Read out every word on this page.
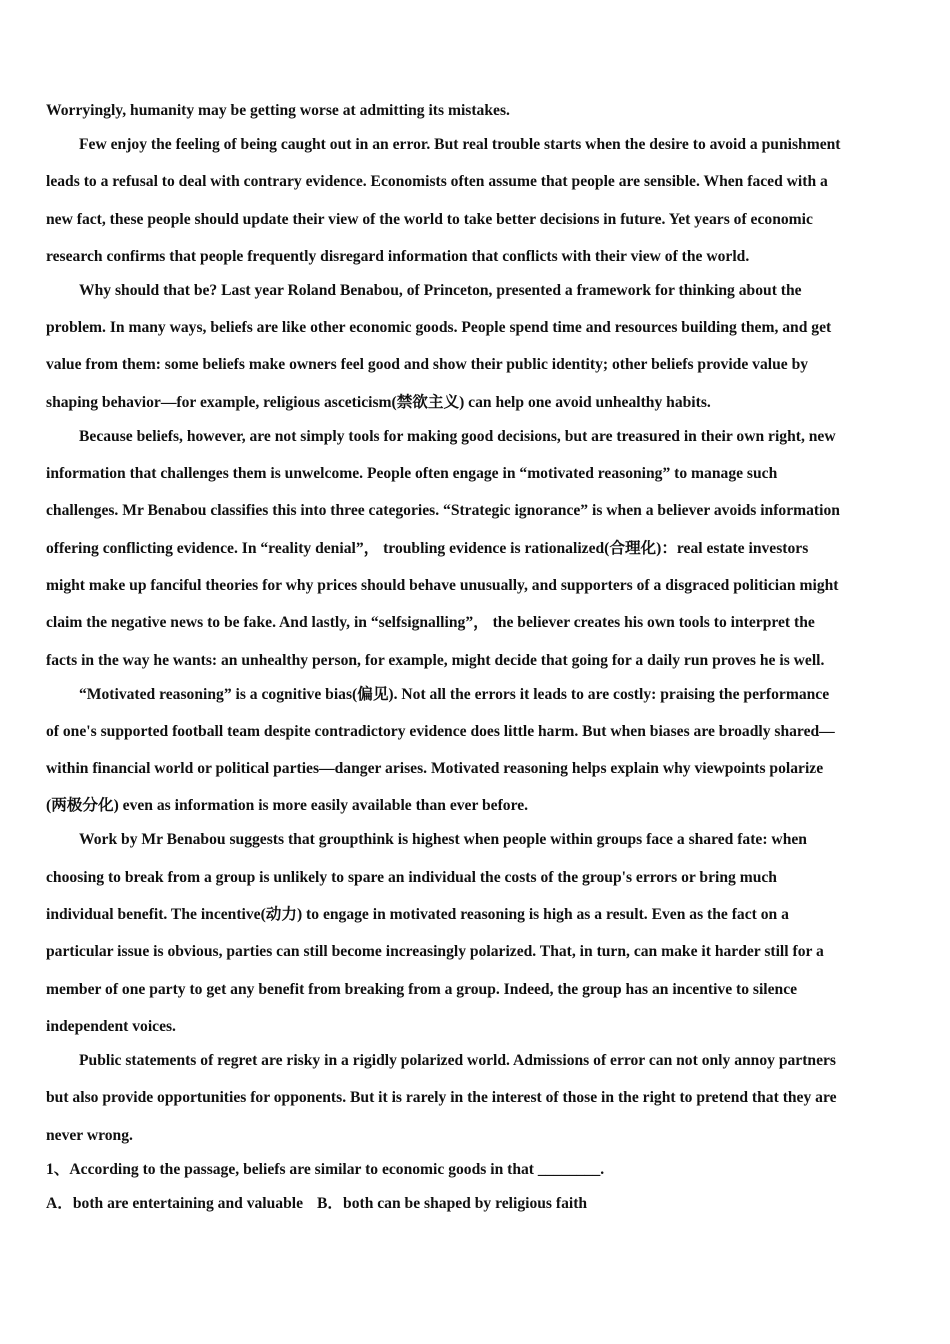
Worryingly, humanity may be getting worse at admitting its mistakes.
Few enjoy the feeling of being caught out in an error. But real trouble starts when the desire to avoid a punishment
leads to a refusal to deal with contrary evidence. Economists often assume that people are sensible. When faced with a
new fact, these people should update their view of the world to take better decisions in future. Yet years of economic
research confirms that people frequently disregard information that conflicts with their view of the world.
Why should that be? Last year Roland Benabou, of Princeton, presented a framework for thinking about the
problem. In many ways, beliefs are like other economic goods. People spend time and resources building them, and get
value from them: some beliefs make owners feel good and show their public identity; other beliefs provide value by
shaping behavior—for example, religious asceticism(禁欲主义) can help one avoid unhealthy habits.
Because beliefs, however, are not simply tools for making good decisions, but are treasured in their own right, new
information that challenges them is unwelcome. People often engage in “motivated reasoning” to manage such
challenges. Mr Benabou classifies this into three categories. “Strategic ignorance” is when a believer avoids information
offering conflicting evidence. In “reality denial”， troubling evidence is rationalized(合理化)：real estate investors
might make up fanciful theories for why prices should behave unusually, and supporters of a disgraced politician might
claim the negative news to be fake. And lastly, in “selfsignalling”， the believer creates his own tools to interpret the
facts in the way he wants: an unhealthy person, for example, might decide that going for a daily run proves he is well.
“Motivated reasoning” is a cognitive bias(偏见). Not all the errors it leads to are costly: praising the performance
of one's supported football team despite contradictory evidence does little harm. But when biases are broadly shared—
within financial world or political parties—danger arises. Motivated reasoning helps explain why viewpoints polarize
(两极分化) even as information is more easily available than ever before.
Work by Mr Benabou suggests that groupthink is highest when people within groups face a shared fate: when
choosing to break from a group is unlikely to spare an individual the costs of the group's errors or bring much
individual benefit. The incentive(动力) to engage in motivated reasoning is high as a result. Even as the fact on a
particular issue is obvious, parties can still become increasingly polarized. That, in turn, can make it harder still for a
member of one party to get any benefit from breaking from a group. Indeed, the group has an incentive to silence
independent voices.
Public statements of regret are risky in a rigidly polarized world. Admissions of error can not only annoy partners
but also provide opportunities for opponents. But it is rarely in the interest of those in the right to pretend that they are
never wrong.
1、According to the passage, beliefs are similar to economic goods in that ________.
A．both are entertaining and valuable B．both can be shaped by religious faith
